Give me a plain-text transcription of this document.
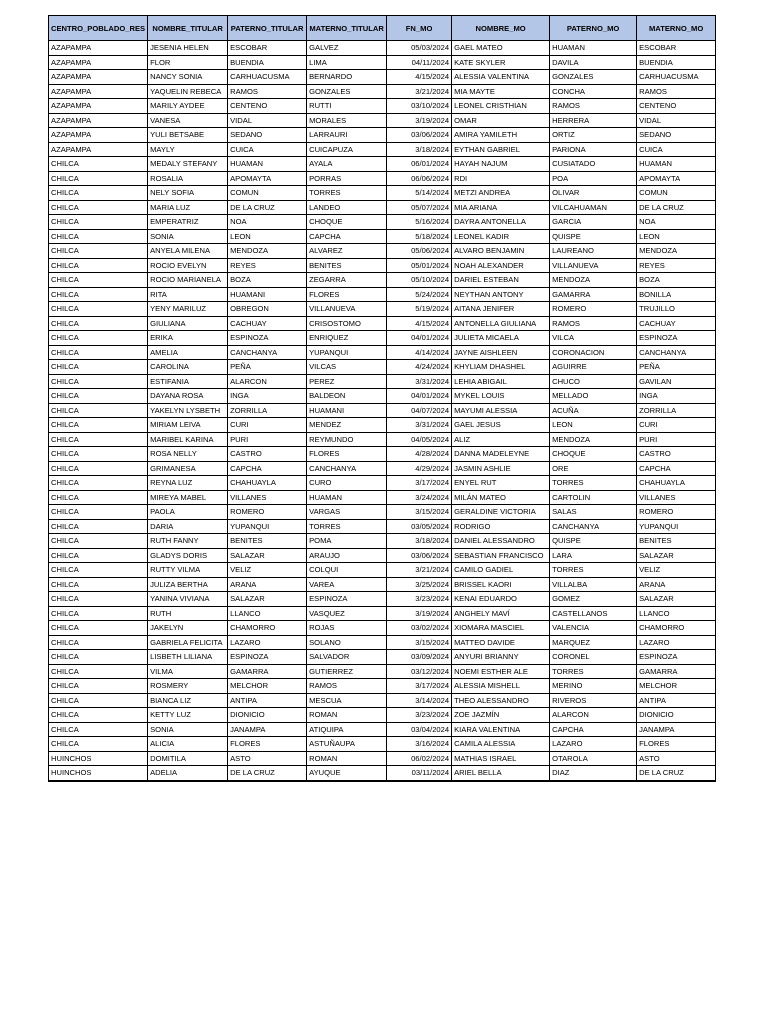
CENTRO_POBLADO_RES	NOMBRE_TITULAR	PATERNO_TITULAR	MATERNO_TITULAR	FN_MO	NOMBRE_MO	PATERNO_MO	MATERNO_MO
AZAPAMPA	JESENIA HELEN	ESCOBAR	GALVEZ	05/03/2024	GAEL MATEO	HUAMAN	ESCOBAR
AZAPAMPA	FLOR	BUENDIA	LIMA	04/11/2024	KATE SKYLER	DAVILA	BUENDIA
AZAPAMPA	NANCY SONIA	CARHUACUSMA	BERNARDO	4/15/2024	ALESSIA VALENTINA	GONZALES	CARHUACUSMA
AZAPAMPA	YAQUELIN REBECA	RAMOS	GONZALES	3/21/2024	MIA MAYTE	CONCHA	RAMOS
AZAPAMPA	MARILY AYDEE	CENTENO	RUTTI	03/10/2024	LEONEL CRISTHIAN	RAMOS	CENTENO
AZAPAMPA	VANESA	VIDAL	MORALES	3/19/2024	OMAR	HERRERA	VIDAL
AZAPAMPA	YULI BETSABE	SEDANO	LARRAURI	03/06/2024	AMIRA YAMILETH	ORTIZ	SEDANO
AZAPAMPA	MAYLY	CUICA	CUICAPUZA	3/18/2024	EYTHAN GABRIEL	PARIONA	CUICA
CHILCA	MEDALY STEFANY	HUAMAN	AYALA	06/01/2024	HAYAH NAJUM	CUSIATADO	HUAMAN
CHILCA	ROSALIA	APOMAYTA	PORRAS	06/06/2024	RDI	POA	APOMAYTA
CHILCA	NELY SOFIA	COMUN	TORRES	5/14/2024	METZI ANDREA	OLIVAR	COMUN
CHILCA	MARIA LUZ	DE LA CRUZ	LANDEO	05/07/2024	MIA ARIANA	VILCAHUAMAN	DE LA CRUZ
CHILCA	EMPERATRIZ	NOA	CHOQUE	5/16/2024	DAYRA ANTONELLA	GARCIA	NOA
CHILCA	SONIA	LEON	CAPCHA	5/18/2024	LEONEL KADIR	QUISPE	LEON
CHILCA	ANYELA MILENA	MENDOZA	ALVAREZ	05/06/2024	ALVARO BENJAMIN	LAUREANO	MENDOZA
CHILCA	ROCIO EVELYN	REYES	BENITES	05/01/2024	NOAH ALEXANDER	VILLANUEVA	REYES
CHILCA	ROCIO MARIANELA	BOZA	ZEGARRA	05/10/2024	DARIEL ESTEBAN	MENDOZA	BOZA
CHILCA	RITA	HUAMANI	FLORES	5/24/2024	NEYTHAN ANTONY	GAMARRA	BONILLA
CHILCA	YENY MARILUZ	OBREGON	VILLANUEVA	5/19/2024	AITANA JENIFER	ROMERO	TRUJILLO
CHILCA	GIULIANA	CACHUAY	CRISOSTOMO	4/15/2024	ANTONELLA GIULIANA	RAMOS	CACHUAY
CHILCA	ERIKA	ESPINOZA	ENRIQUEZ	04/01/2024	JULIETA MICAELA	VILCA	ESPINOZA
CHILCA	AMELIA	CANCHANYA	YUPANQUI	4/14/2024	JAYNE AISHLEEN	CORONACION	CANCHANYA
CHILCA	CAROLINA	PEÑA	VILCAS	4/24/2024	KHYLIAM DHASHEL	AGUIRRE	PEÑA
CHILCA	ESTIFANIA	ALARCON	PEREZ	3/31/2024	LEHIA ABIGAIL	CHUCO	GAVILAN
CHILCA	DAYANA ROSA	INGA	BALDEON	04/01/2024	MYKEL LOUIS	MELLADO	INGA
CHILCA	YAKELYN LYSBETH	ZORRILLA	HUAMANI	04/07/2024	MAYUMI ALESSIA	ACUÑA	ZORRILLA
CHILCA	MIRIAM LEIVA	CURI	MENDEZ	3/31/2024	GAEL JESUS	LEON	CURI
CHILCA	MARIBEL KARINA	PURI	REYMUNDO	04/05/2024	ALIZ	MENDOZA	PURI
CHILCA	ROSA NELLY	CASTRO	FLORES	4/28/2024	DANNA MADELEYNE	CHOQUE	CASTRO
CHILCA	GRIMANESA	CAPCHA	CANCHANYA	4/29/2024	JASMIN ASHLIE	ORE	CAPCHA
CHILCA	REYNA LUZ	CHAHUAYLA	CURO	3/17/2024	ENYEL RUT	TORRES	CHAHUAYLA
CHILCA	MIREYA MABEL	VILLANES	HUAMAN	3/24/2024	MILÁN MATEO	CARTOLIN	VILLANES
CHILCA	PAOLA	ROMERO	VARGAS	3/15/2024	GERALDINE VICTORIA	SALAS	ROMERO
CHILCA	DARIA	YUPANQUI	TORRES	03/05/2024	RODRIGO	CANCHANYA	YUPANQUI
CHILCA	RUTH FANNY	BENITES	POMA	3/18/2024	DANIEL ALESSANDRO	QUISPE	BENITES
CHILCA	GLADYS DORIS	SALAZAR	ARAUJO	03/06/2024	SEBASTIAN FRANCISCO	LARA	SALAZAR
CHILCA	RUTTY VILMA	VELIZ	COLQUI	3/21/2024	CAMILO GADIEL	TORRES	VELIZ
CHILCA	JULIZA BERTHA	ARANA	VAREA	3/25/2024	BRISSEL KAORI	VILLALBA	ARANA
CHILCA	YANINA VIVIANA	SALAZAR	ESPINOZA	3/23/2024	KENAI EDUARDO	GOMEZ	SALAZAR
CHILCA	RUTH	LLANCO	VASQUEZ	3/19/2024	ANGHELY MAVÍ	CASTELLANOS	LLANCO
CHILCA	JAKELYN	CHAMORRO	ROJAS	03/02/2024	XIOMARA MASCIEL	VALENCIA	CHAMORRO
CHILCA	GABRIELA FELICITA	LAZARO	SOLANO	3/15/2024	MATTEO DAVIDE	MARQUEZ	LAZARO
CHILCA	LISBETH LILIANA	ESPINOZA	SALVADOR	03/09/2024	ANYURI BRIANNY	CORONEL	ESPINOZA
CHILCA	VILMA	GAMARRA	GUTIERREZ	03/12/2024	NOEMI ESTHER ALE	TORRES	GAMARRA
CHILCA	ROSMERY	MELCHOR	RAMOS	3/17/2024	ALESSIA MISHELL	MERINO	MELCHOR
CHILCA	BIANCA LIZ	ANTIPA	MESCUA	3/14/2024	THEO ALESSANDRO	RIVEROS	ANTIPA
CHILCA	KETTY LUZ	DIONICIO	ROMAN	3/23/2024	ZOE JAZMÍN	ALARCON	DIONICIO
CHILCA	SONIA	JANAMPA	ATIQUIPA	03/04/2024	KIARA VALENTINA	CAPCHA	JANAMPA
CHILCA	ALICIA	FLORES	ASTUÑAUPA	3/16/2024	CAMILA ALESSIA	LAZARO	FLORES
HUINCHOS	DOMITILA	ASTO	ROMAN	06/02/2024	MATHIAS ISRAEL	OTAROLA	ASTO
HUINCHOS	ADELIA	DE LA CRUZ	AYUQUE	03/11/2024	ARIEL BELLA	DIAZ	DE LA CRUZ
